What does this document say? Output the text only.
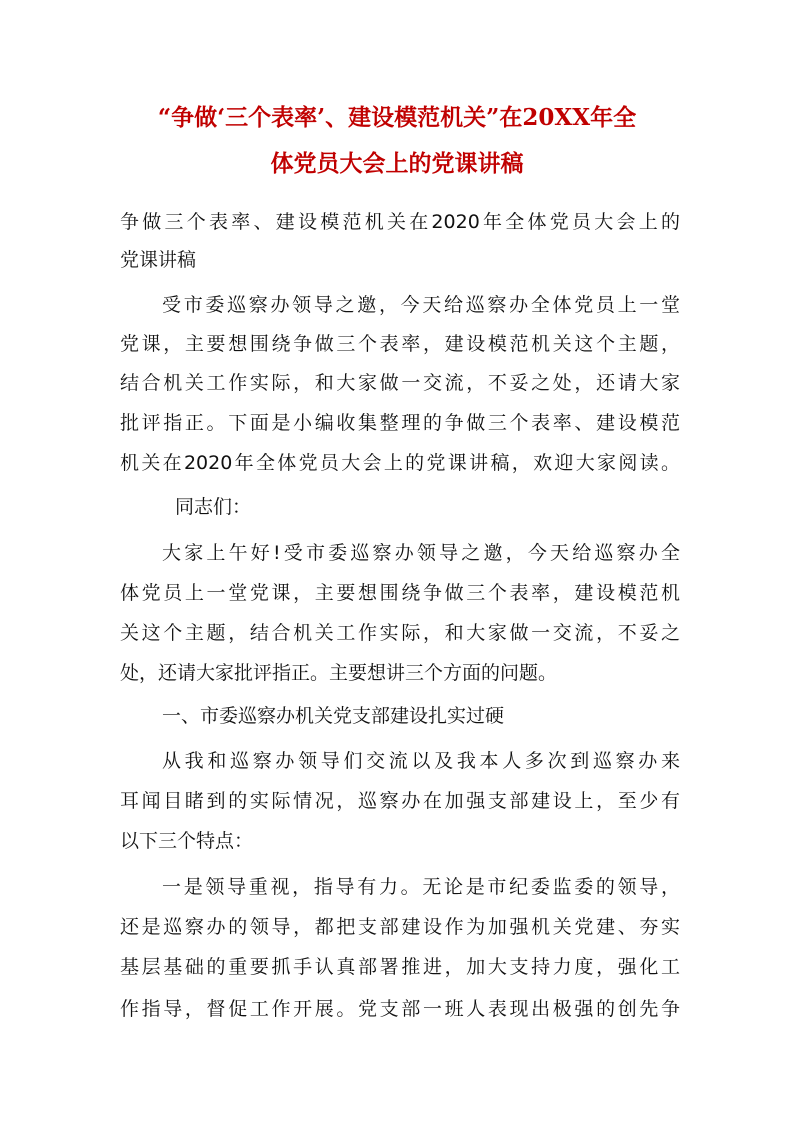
“争做‘三个表率’、建设模范机关”在20XX年全
体党员大会上的党课讲稿

争做三个表率、建设模范机关在2020年全体党员大会上的

党课讲稿

受市委巡察办领导之邀，今天给巡察办全体党员上一堂

党课，主要想围绕争做三个表率，建设模范机关这个主题，

结合机关工作实际，和大家做一交流，不妥之处，还请大家

批评指正。下面是小编收集整理的争做三个表率、建设模范

机关在2020年全体党员大会上的党课讲稿，欢迎大家阅读。

同志们：

大家上午好!受市委巡察办领导之邀，今天给巡察办全

体党员上一堂党课，主要想围绕争做三个表率，建设模范机

关这个主题，结合机关工作实际，和大家做一交流，不妥之

处，还请大家批评指正。主要想讲三个方面的问题。

一、市委巡察办机关党支部建设扎实过硬

从我和巡察办领导们交流以及我本人多次到巡察办来

耳闻目睹到的实际情况，巡察办在加强支部建设上，至少有

以下三个特点：

一是领导重视，指导有力。无论是市纪委监委的领导，

还是巡察办的领导，都把支部建设作为加强机关党建、夯实

基层基础的重要抓手认真部署推进，加大支持力度，强化工

作指导，督促工作开展。党支部一班人表现出极强的创先争
